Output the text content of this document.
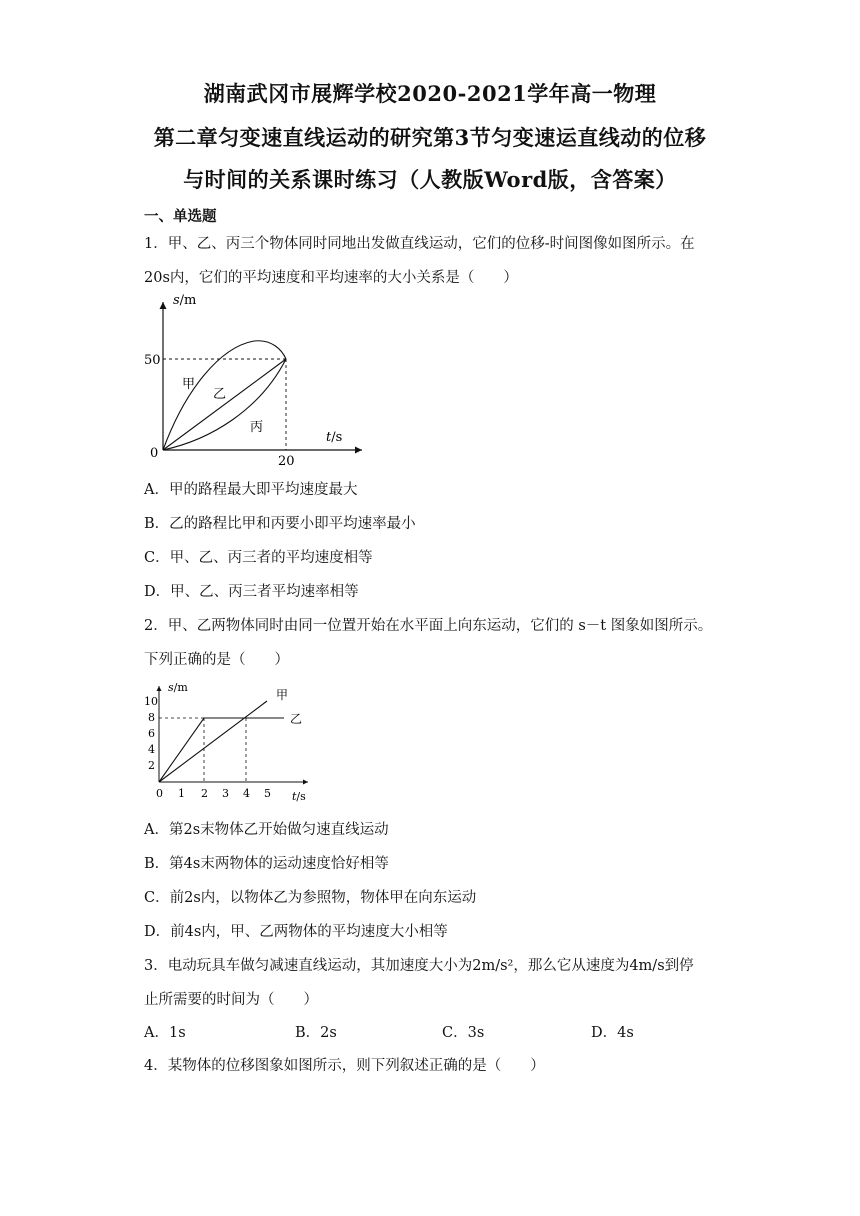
湖南武冈市展辉学校2020-2021学年高一物理
第二章匀变速直线运动的研究第3节匀变速运直线动的位移
与时间的关系课时练习（人教版Word版，含答案）
一、单选题
1．甲、乙、丙三个物体同时同地出发做直线运动，它们的位移-时间图像如图所示。在
20s内，它们的平均速度和平均速率的大小关系是（　　）
s/m
t/s
50
0
20
甲
乙
丙
A．甲的路程最大即平均速度最大
B．乙的路程比甲和丙要小即平均速率最小
C．甲、乙、丙三者的平均速度相等
D．甲、乙、丙三者平均速率相等
2．甲、乙两物体同时由同一位置开始在水平面上向东运动，它们的 s－t 图象如图所示。
下列正确的是（　　）
s/m
t/s
10
8
6
4
2
0 1 2 3 4 5
甲
乙
A．第2s末物体乙开始做匀速直线运动
B．第4s末两物体的运动速度恰好相等
C．前2s内，以物体乙为参照物，物体甲在向东运动
D．前4s内，甲、乙两物体的平均速度大小相等
3．电动玩具车做匀减速直线运动，其加速度大小为2m/s²，那么它从速度为4m/s到停
止所需要的时间为（　　）
A．1s	B．2s	C．3s	D．4s
4．某物体的位移图象如图所示，则下列叙述正确的是（　　）
